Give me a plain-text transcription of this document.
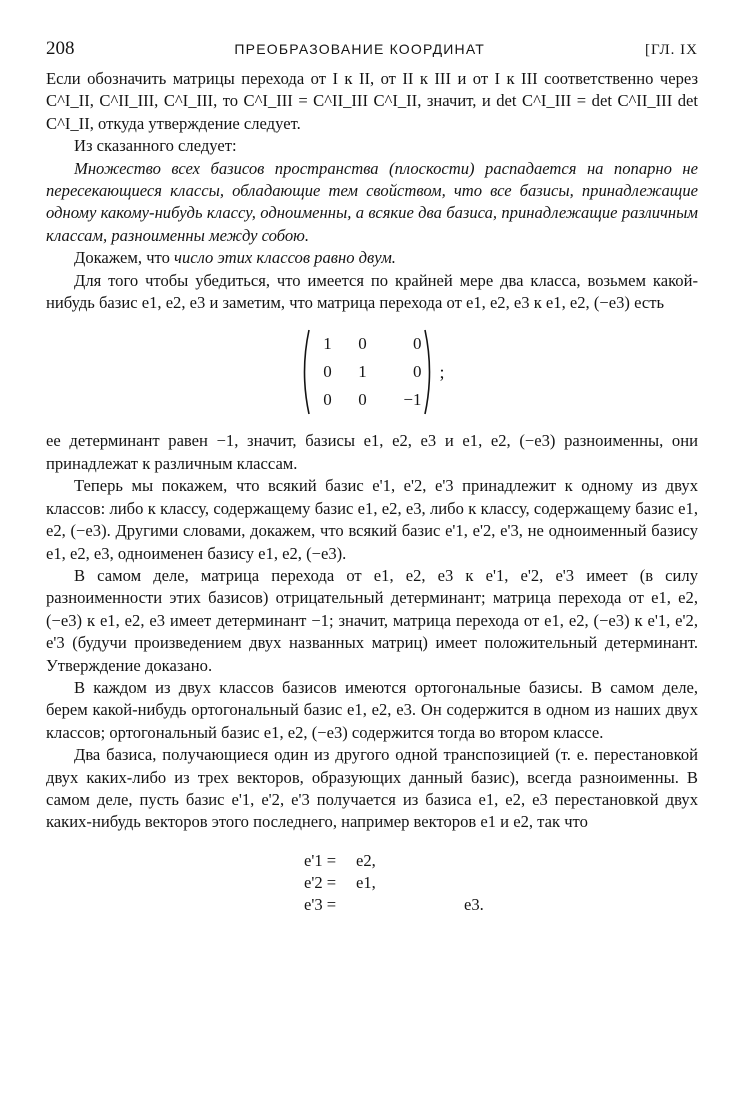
208	ПРЕОБРАЗОВАНИЕ КООРДИНАТ	[ГЛ. IX

Если обозначить матрицы перехода от I к II, от II к III и от I к III соответственно через C^I_II, C^II_III, C^I_III, то C^I_III = C^II_III C^I_II, значит, и det C^I_III = det C^II_III det C^I_II, откуда утверждение следует.

Из сказанного следует:

Множество всех базисов пространства (плоскости) распадается на попарно не пересекающиеся классы, обладающие тем свойством, что все базисы, принадлежащие одному какому-нибудь классу, одноименны, а всякие два базиса, принадлежащие различным классам, разноименны между собою.

Докажем, что число этих классов равно двум.

Для того чтобы убедиться, что имеется по крайней мере два класса, возьмем какой-нибудь базис e1, e2, e3 и заметим, что матрица перехода от e1, e2, e3 к e1, e2, (−e3) есть

1	0	0
0	1	0
0	0	−1
;

ее детерминант равен −1, значит, базисы e1, e2, e3 и e1, e2, (−e3) разноименны, они принадлежат к различным классам.

Теперь мы покажем, что всякий базис e'1, e'2, e'3 принадлежит к одному из двух классов: либо к классу, содержащему базис e1, e2, e3, либо к классу, содержащему базис e1, e2, (−e3). Другими словами, докажем, что всякий базис e'1, e'2, e'3, не одноименный базису e1, e2, e3, одноименен базису e1, e2, (−e3).

В самом деле, матрица перехода от e1, e2, e3 к e'1, e'2, e'3 имеет (в силу разноименности этих базисов) отрицательный детерминант; матрица перехода от e1, e2, (−e3) к e1, e2, e3 имеет детерминант −1; значит, матрица перехода от e1, e2, (−e3) к e'1, e'2, e'3 (будучи произведением двух названных матриц) имеет положительный детерминант. Утверждение доказано.

В каждом из двух классов базисов имеются ортогональные базисы. В самом деле, берем какой-нибудь ортогональный базис e1, e2, e3. Он содержится в одном из наших двух классов; ортогональный базис e1, e2, (−e3) содержится тогда во втором классе.

Два базиса, получающиеся один из другого одной транспозицией (т. е. перестановкой двух каких-либо из трех векторов, образующих данный базис), всегда разноименны. В самом деле, пусть базис e'1, e'2, e'3 получается из базиса e1, e2, e3 перестановкой двух каких-нибудь векторов этого последнего, например векторов e1 и e2, так что

e'1 =	e2,
e'2 =	e1,
e'3 =	e3.
